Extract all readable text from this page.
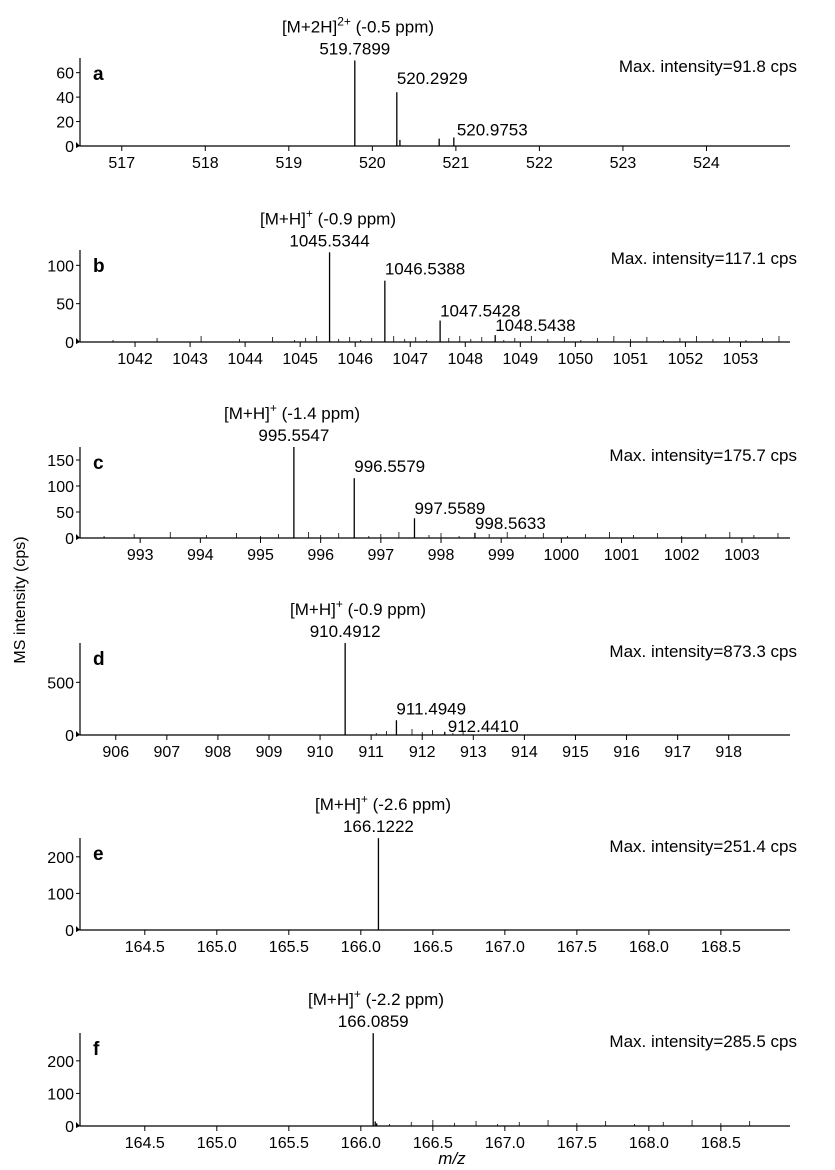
MS intensity (cps)
m/z
0
20
40
60
517	518	519	520	521	522	523	524
519.7899
520.2929
520.9753
$[M+2H]^{2+}$ (-0.5 ppm)
a	Max. intensity=91.8 cps
0
50
100
1042 1043 1044 1045 1046 1047 1048 1049 1050 1051 1052 1053
1045.5344
1046.5388
1047.5428
1048.5438
[M+H]+ (-0.9 ppm)
b	Max. intensity=117.1 cps
0
50
100
150
993 994 995 996 997 998 999 1000 1001 1002 1003
995.5547
996.5579
997.5589
998.5633
[M+H]+ (-1.4 ppm)
c	Max. intensity=175.7 cps
0
500
906 907 908 909 910 911 912 913 914 915 916 917 918
910.4912
911.4949
912.4410
[M+H]+ (-0.9 ppm)
d	Max. intensity=873.3 cps
0
100
200
164.5 165.0 165.5 166.0 166.5 167.0 167.5 168.0 168.5
166.1222
[M+H]+ (-2.6 ppm)
e	Max. intensity=251.4 cps
0
100
200
164.5 165.0 165.5 166.0 166.5 167.0 167.5 168.0 168.5
166.0859
[M+H]+ (-2.2 ppm)
f	Max. intensity=285.5 cps
